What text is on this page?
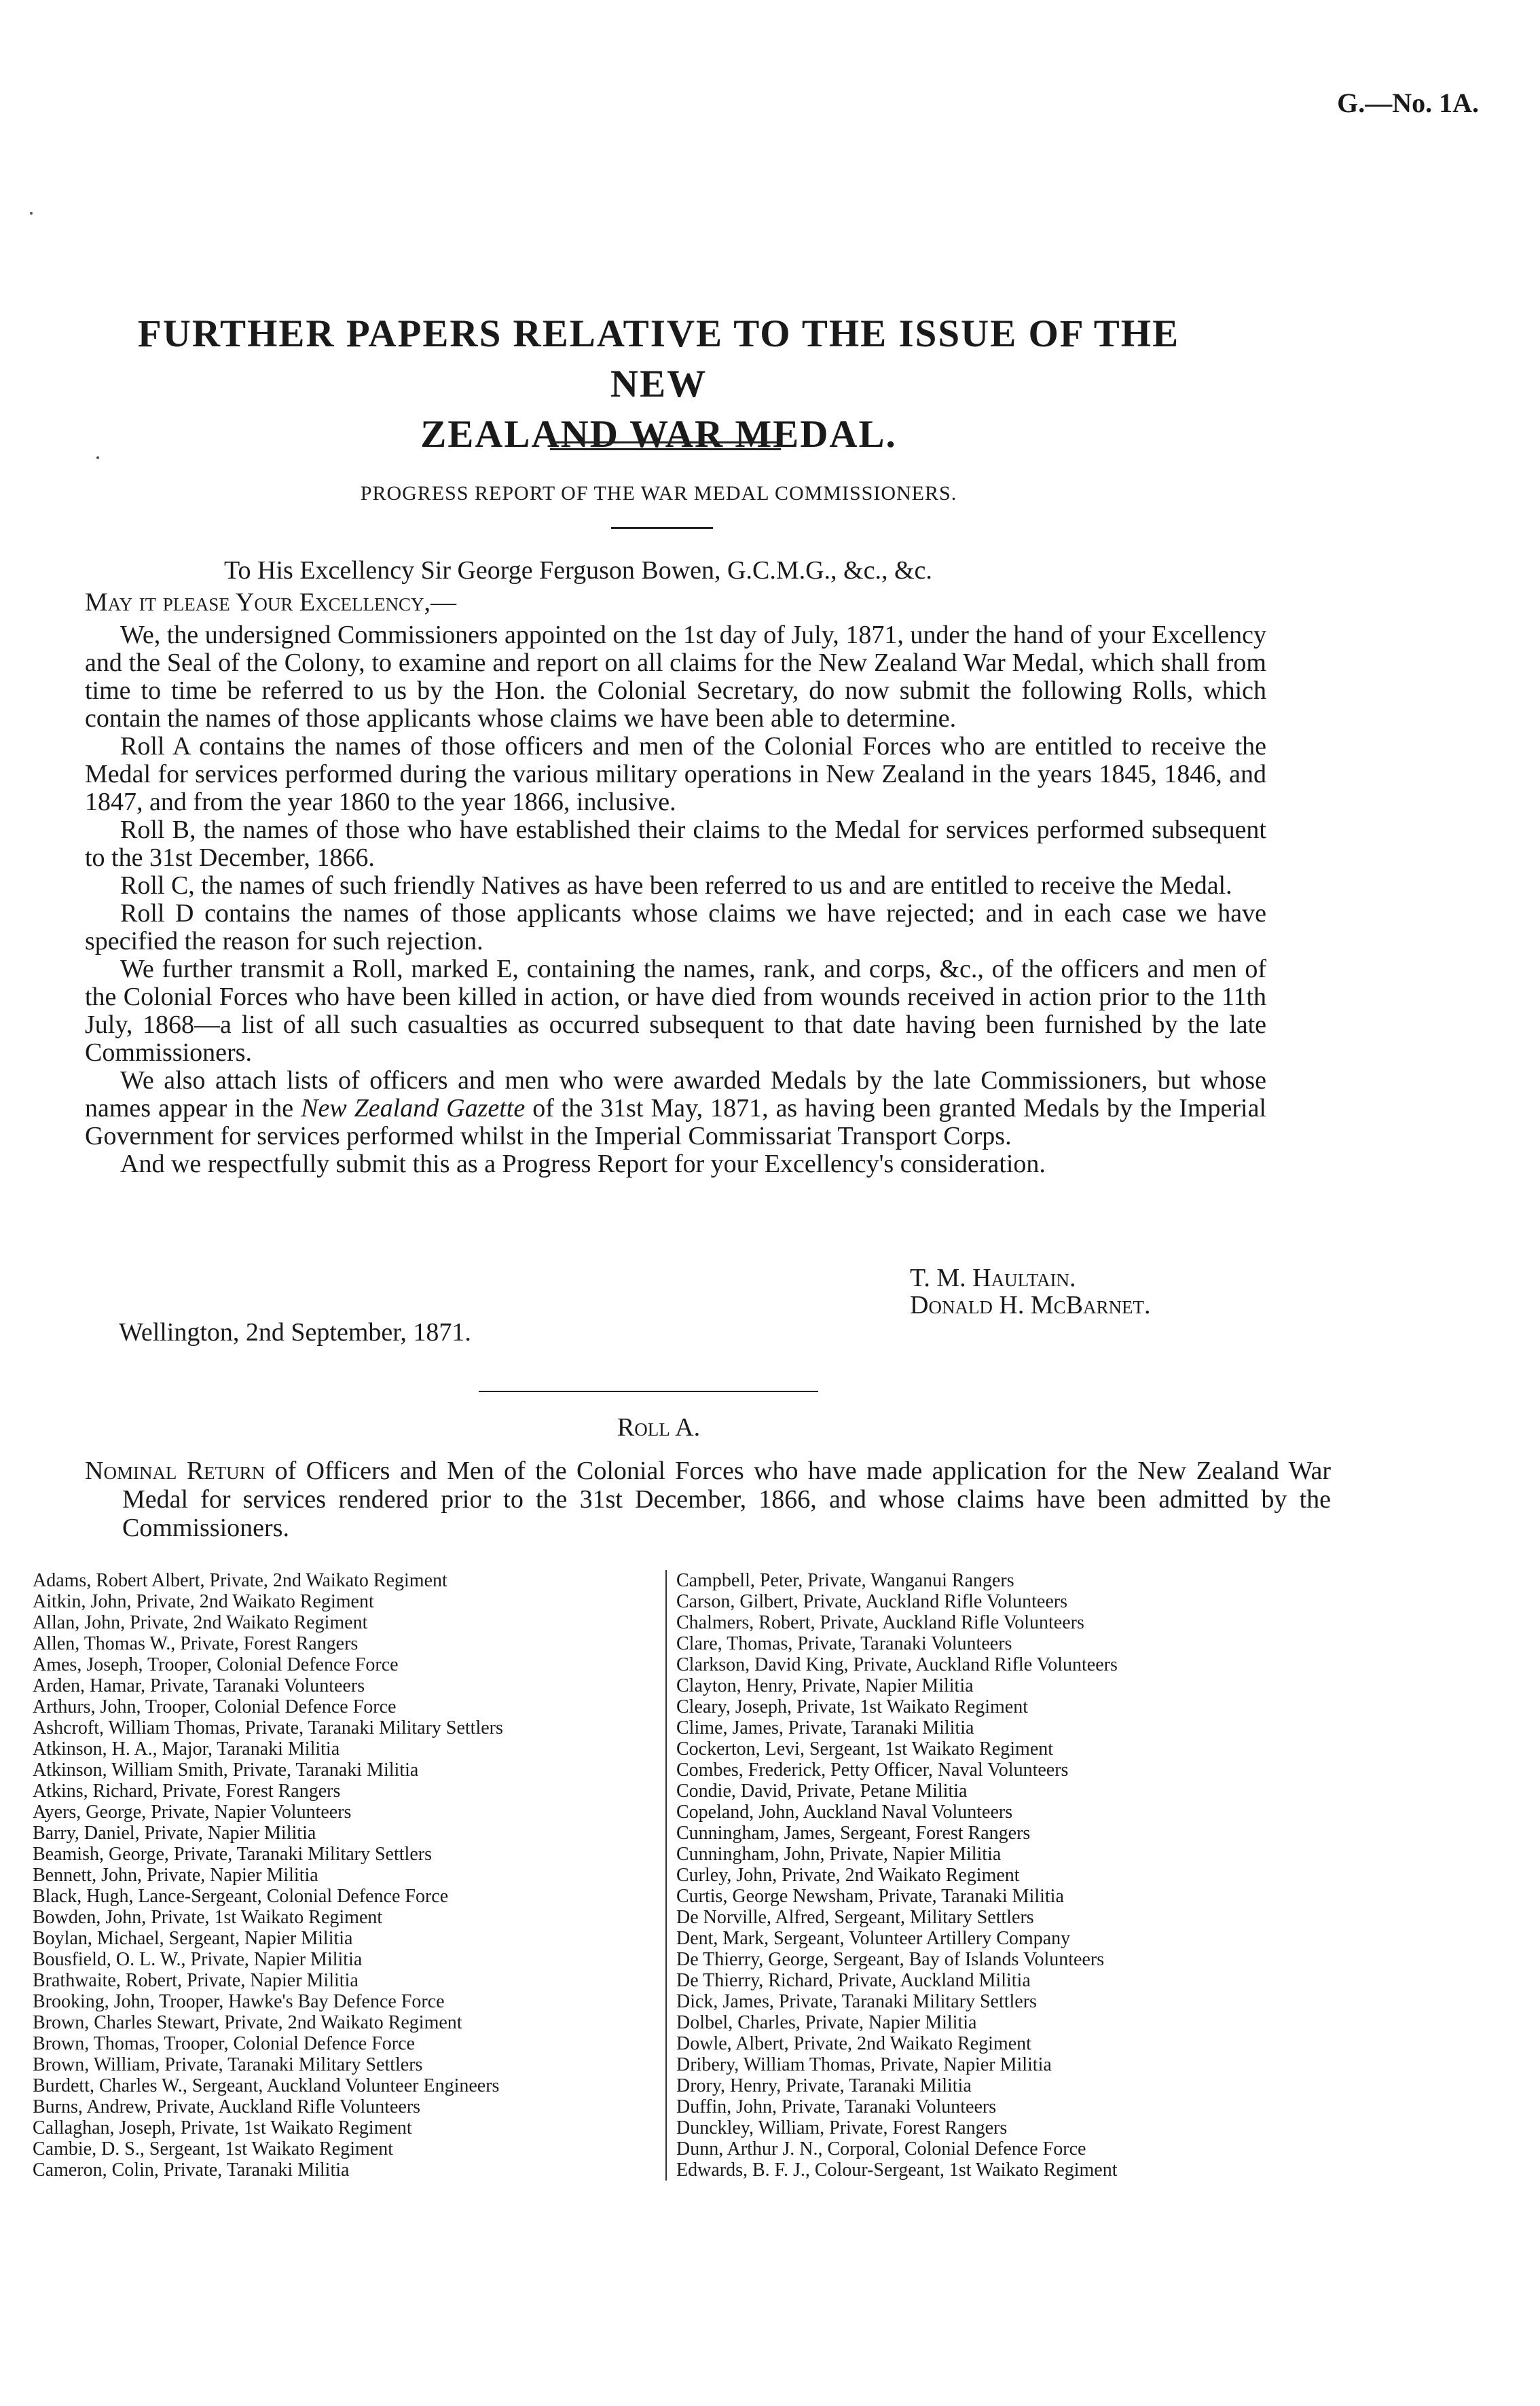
G.—No. 1A.
FURTHER PAPERS RELATIVE TO THE ISSUE OF THE NEW
ZEALAND WAR MEDAL.
PROGRESS REPORT OF THE WAR MEDAL COMMISSIONERS.
To His Excellency Sir George Ferguson Bowen, G.C.M.G., &c., &c.
May it please Your Excellency,—

We, the undersigned Commissioners appointed on the 1st day of July, 1871, under the hand of your Excellency and the Seal of the Colony, to examine and report on all claims for the New Zealand War Medal, which shall from time to time be referred to us by the Hon. the Colonial Secretary, do now submit the following Rolls, which contain the names of those applicants whose claims we have been able to determine.

Roll A contains the names of those officers and men of the Colonial Forces who are entitled to receive the Medal for services performed during the various military operations in New Zealand in the years 1845, 1846, and 1847, and from the year 1860 to the year 1866, inclusive.

Roll B, the names of those who have established their claims to the Medal for services performed subsequent to the 31st December, 1866.

Roll C, the names of such friendly Natives as have been referred to us and are entitled to receive the Medal.

Roll D contains the names of those applicants whose claims we have rejected; and in each case we have specified the reason for such rejection.

We further transmit a Roll, marked E, containing the names, rank, and corps, &c., of the officers and men of the Colonial Forces who have been killed in action, or have died from wounds received in action prior to the 11th July, 1868—a list of all such casualties as occurred subsequent to that date having been furnished by the late Commissioners.

We also attach lists of officers and men who were awarded Medals by the late Commissioners, but whose names appear in the New Zealand Gazette of the 31st May, 1871, as having been granted Medals by the Imperial Government for services performed whilst in the Imperial Commissariat Transport Corps.

And we respectfully submit this as a Progress Report for your Excellency's consideration.

T. M. Haultain.
Donald H. McBarnet.
Wellington, 2nd September, 1871.
Roll A.
Nominal Return of Officers and Men of the Colonial Forces who have made application for the New Zealand War Medal for services rendered prior to the 31st December, 1866, and whose claims have been admitted by the Commissioners.
Adams, Robert Albert, Private, 2nd Waikato Regiment
Aitkin, John, Private, 2nd Waikato Regiment
Allan, John, Private, 2nd Waikato Regiment
Allen, Thomas W., Private, Forest Rangers
Ames, Joseph, Trooper, Colonial Defence Force
Arden, Hamar, Private, Taranaki Volunteers
Arthurs, John, Trooper, Colonial Defence Force
Ashcroft, William Thomas, Private, Taranaki Military Settlers
Atkinson, H. A., Major, Taranaki Militia
Atkinson, William Smith, Private, Taranaki Militia
Atkins, Richard, Private, Forest Rangers
Ayers, George, Private, Napier Volunteers
Barry, Daniel, Private, Napier Militia
Beamish, George, Private, Taranaki Military Settlers
Bennett, John, Private, Napier Militia
Black, Hugh, Lance-Sergeant, Colonial Defence Force
Bowden, John, Private, 1st Waikato Regiment
Boylan, Michael, Sergeant, Napier Militia
Bousfield, O. L. W., Private, Napier Militia
Brathwaite, Robert, Private, Napier Militia
Brooking, John, Trooper, Hawke's Bay Defence Force
Brown, Charles Stewart, Private, 2nd Waikato Regiment
Brown, Thomas, Trooper, Colonial Defence Force
Brown, William, Private, Taranaki Military Settlers
Burdett, Charles W., Sergeant, Auckland Volunteer Engineers
Burns, Andrew, Private, Auckland Rifle Volunteers
Callaghan, Joseph, Private, 1st Waikato Regiment
Cambie, D. S., Sergeant, 1st Waikato Regiment
Cameron, Colin, Private, Taranaki Militia
Campbell, Peter, Private, Wanganui Rangers
Carson, Gilbert, Private, Auckland Rifle Volunteers
Chalmers, Robert, Private, Auckland Rifle Volunteers
Clare, Thomas, Private, Taranaki Volunteers
Clarkson, David King, Private, Auckland Rifle Volunteers
Clayton, Henry, Private, Napier Militia
Cleary, Joseph, Private, 1st Waikato Regiment
Clime, James, Private, Taranaki Militia
Cockerton, Levi, Sergeant, 1st Waikato Regiment
Combes, Frederick, Petty Officer, Naval Volunteers
Condie, David, Private, Petane Militia
Copeland, John, Auckland Naval Volunteers
Cunningham, James, Sergeant, Forest Rangers
Cunningham, John, Private, Napier Militia
Curley, John, Private, 2nd Waikato Regiment
Curtis, George Newsham, Private, Taranaki Militia
De Norville, Alfred, Sergeant, Military Settlers
Dent, Mark, Sergeant, Volunteer Artillery Company
De Thierry, George, Sergeant, Bay of Islands Volunteers
De Thierry, Richard, Private, Auckland Militia
Dick, James, Private, Taranaki Military Settlers
Dolbel, Charles, Private, Napier Militia
Dowle, Albert, Private, 2nd Waikato Regiment
Dribery, William Thomas, Private, Napier Militia
Drory, Henry, Private, Taranaki Militia
Duffin, John, Private, Taranaki Volunteers
Dunckley, William, Private, Forest Rangers
Dunn, Arthur J. N., Corporal, Colonial Defence Force
Edwards, B. F. J., Colour-Sergeant, 1st Waikato Regiment
